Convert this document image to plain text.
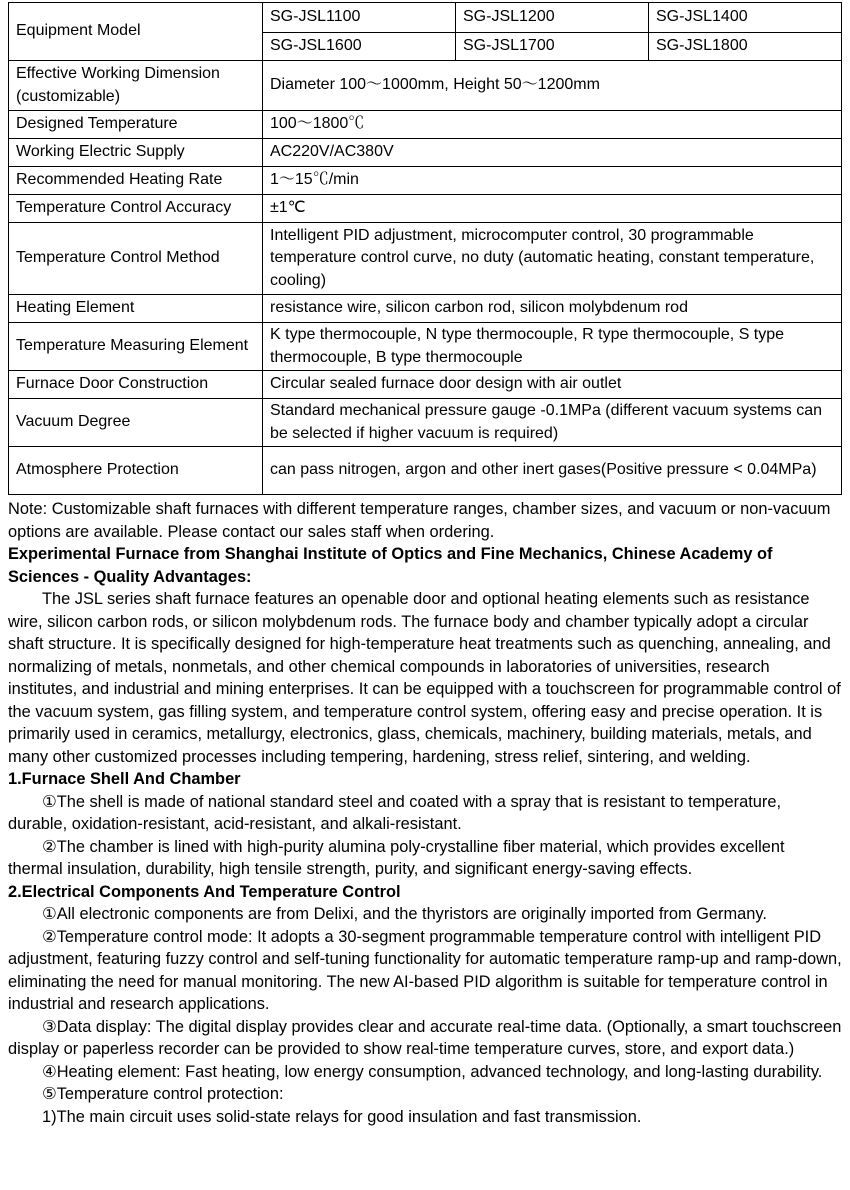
Equipment Model	SG-JSL1100	SG-JSL1200	SG-JSL1400
	SG-JSL1600	SG-JSL1700	SG-JSL1800
Effective Working Dimension (customizable)	Diameter 100～1000mm, Height 50～1200mm		
Designed Temperature	100～1800℃		
Working Electric Supply	AC220V/AC380V		
Recommended Heating Rate	1～15℃/min		
Temperature Control Accuracy	±1℃		
Temperature Control Method	Intelligent PID adjustment, microcomputer control, 30 programmable temperature control curve, no duty (automatic heating, constant temperature, cooling)		
Heating Element	resistance wire, silicon carbon rod, silicon molybdenum rod		
Temperature Measuring Element	K type thermocouple, N type thermocouple, R type thermocouple, S type thermocouple, B type thermocouple		
Furnace Door Construction	Circular sealed furnace door design with air outlet		
Vacuum Degree	Standard mechanical pressure gauge -0.1MPa (different vacuum systems can be selected if higher vacuum is required)		
Atmosphere Protection	can pass nitrogen, argon and other inert gases(Positive pressure < 0.04MPa)		

Note: Customizable shaft furnaces with different temperature ranges, chamber sizes, and vacuum or non-vacuum options are available. Please contact our sales staff when ordering.

Experimental Furnace from Shanghai Institute of Optics and Fine Mechanics, Chinese Academy of Sciences - Quality Advantages:

The JSL series shaft furnace features an openable door and optional heating elements such as resistance wire, silicon carbon rods, or silicon molybdenum rods. The furnace body and chamber typically adopt a circular shaft structure. It is specifically designed for high-temperature heat treatments such as quenching, annealing, and normalizing of metals, nonmetals, and other chemical compounds in laboratories of universities, research institutes, and industrial and mining enterprises. It can be equipped with a touchscreen for programmable control of the vacuum system, gas filling system, and temperature control system, offering easy and precise operation. It is primarily used in ceramics, metallurgy, electronics, glass, chemicals, machinery, building materials, metals, and many other customized processes including tempering, hardening, stress relief, sintering, and welding.

1.Furnace Shell And Chamber

①The shell is made of national standard steel and coated with a spray that is resistant to temperature, durable, oxidation-resistant, acid-resistant, and alkali-resistant.

②The chamber is lined with high-purity alumina poly-crystalline fiber material, which provides excellent thermal insulation, durability, high tensile strength, purity, and significant energy-saving effects.

2.Electrical Components And Temperature Control

①All electronic components are from Delixi, and the thyristors are originally imported from Germany.

②Temperature control mode: It adopts a 30-segment programmable temperature control with intelligent PID adjustment, featuring fuzzy control and self-tuning functionality for automatic temperature ramp-up and ramp-down, eliminating the need for manual monitoring. The new AI-based PID algorithm is suitable for temperature control in industrial and research applications.

③Data display: The digital display provides clear and accurate real-time data. (Optionally, a smart touchscreen display or paperless recorder can be provided to show real-time temperature curves, store, and export data.)

④Heating element: Fast heating, low energy consumption, advanced technology, and long-lasting durability.

⑤Temperature control protection:

1)The main circuit uses solid-state relays for good insulation and fast transmission.
